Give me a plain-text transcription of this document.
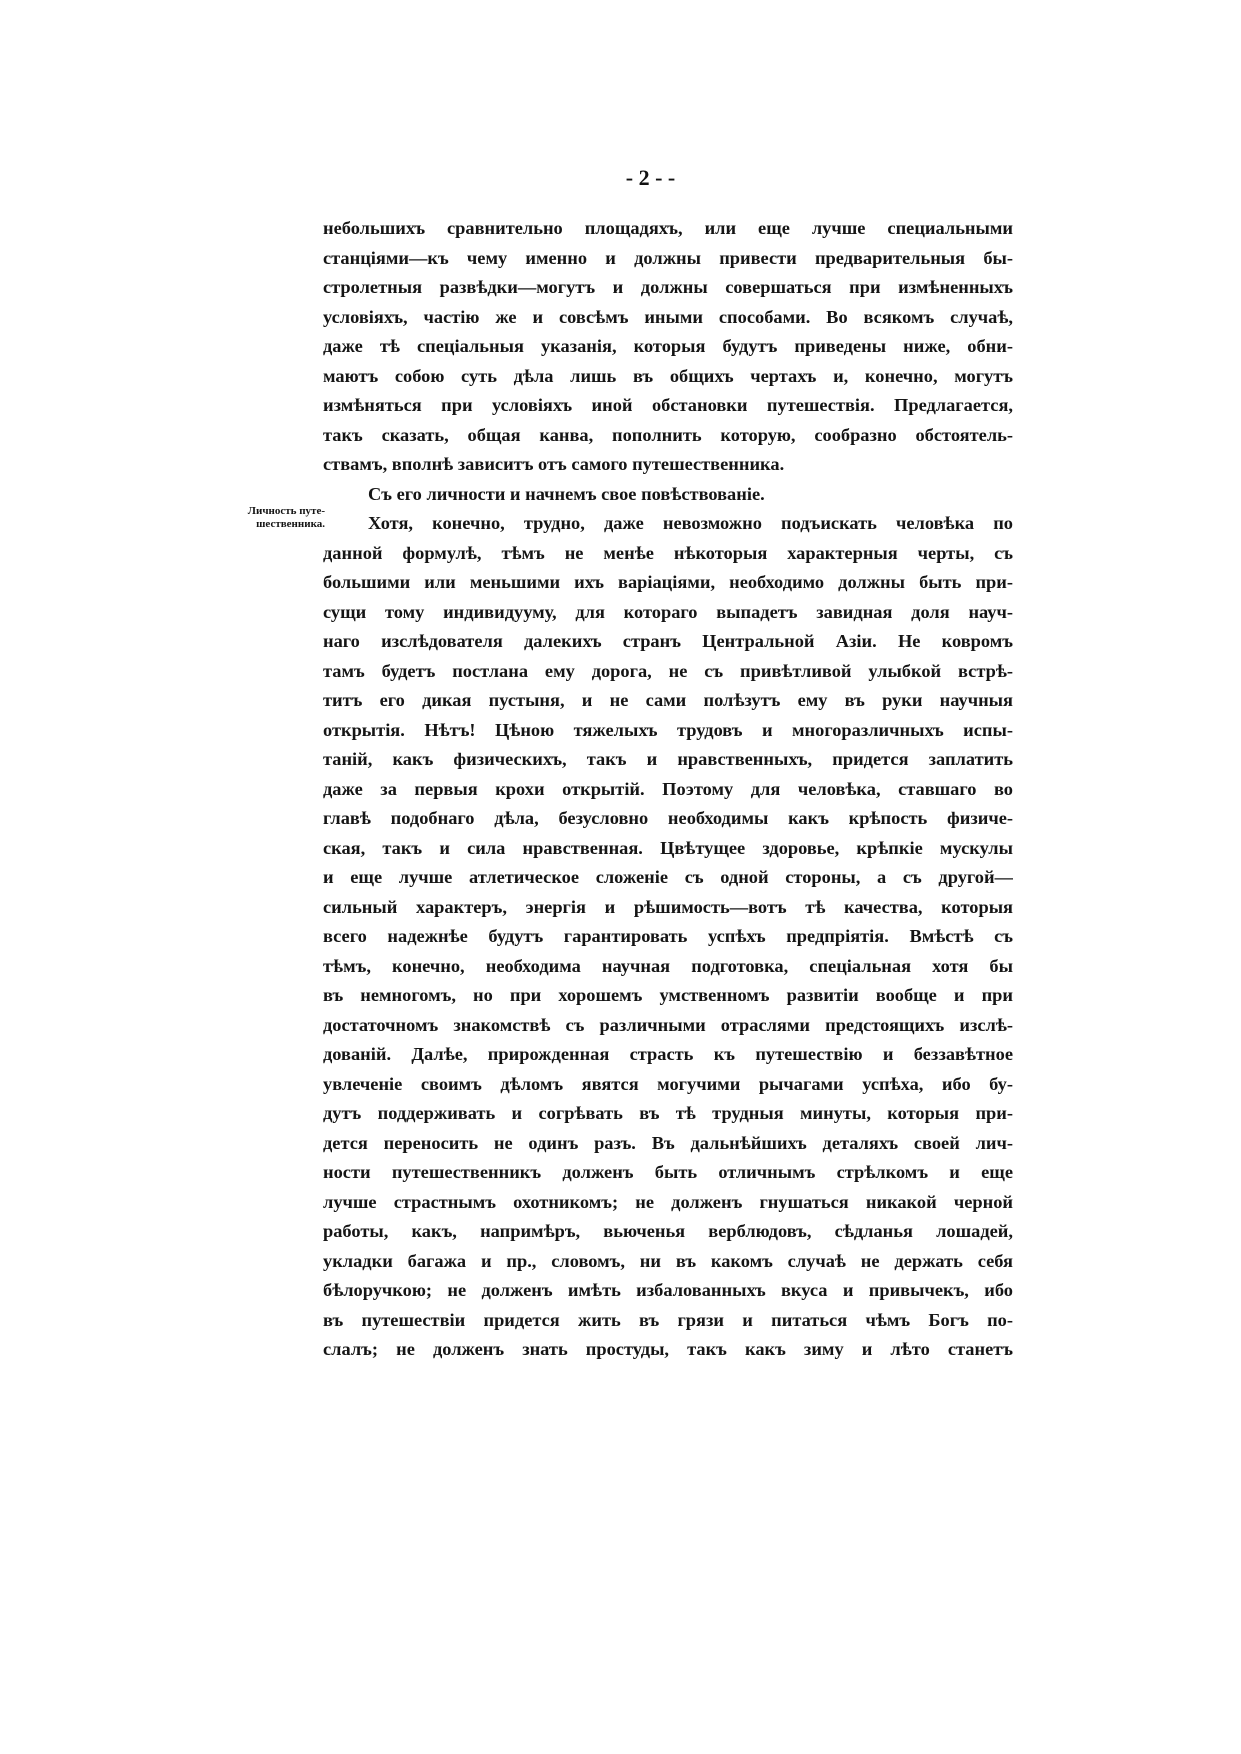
- 2 - -
Личность путе-
шественника.
небольшихъ сравнительно площадяхъ, или еще лучше специальными
станціями—къ чему именно и должны привести предварительныя бы-
стролетныя развѣдки—могутъ и должны совершаться при измѣненныхъ
условіяхъ, частію же и совсѣмъ иными способами. Во всякомъ случаѣ,
даже тѣ спеціальныя указанія, которыя будутъ приведены ниже, обни-
маютъ собою суть дѣла лишь въ общихъ чертахъ и, конечно, могутъ
измѣняться при условіяхъ иной обстановки путешествія. Предлагается,
такъ сказать, общая канва, пополнить которую, сообразно обстоятель-
ствамъ, вполнѣ зависитъ отъ самого путешественника.
Съ его личности и начнемъ свое повѣствованіе.
Хотя, конечно, трудно, даже невозможно подъискать человѣка по
данной формулѣ, тѣмъ не менѣе нѣкоторыя характерныя черты, съ
большими или меньшими ихъ варіаціями, необходимо должны быть при-
сущи тому индивидууму, для котораго выпадетъ завидная доля науч-
наго изслѣдователя далекихъ странъ Центральной Азіи. Не ковромъ
тамъ будетъ постлана ему дорога, не съ привѣтливой улыбкой встрѣ-
титъ его дикая пустыня, и не сами полѣзутъ ему въ руки научныя
открытія. Нѣтъ! Цѣною тяжелыхъ трудовъ и многоразличныхъ испы-
таній, какъ физическихъ, такъ и нравственныхъ, придется заплатить
даже за первыя крохи открытій. Поэтому для человѣка, ставшаго во
главѣ подобнаго дѣла, безусловно необходимы какъ крѣпость физиче-
ская, такъ и сила нравственная. Цвѣтущее здоровье, крѣпкіе мускулы
и еще лучше атлетическое сложеніе съ одной стороны, а съ другой—
сильный характеръ, энергія и рѣшимость—вотъ тѣ качества, которыя
всего надежнѣе будутъ гарантировать успѣхъ предпріятія. Вмѣстѣ съ
тѣмъ, конечно, необходима научная подготовка, спеціальная хотя бы
въ немногомъ, но при хорошемъ умственномъ развитіи вообще и при
достаточномъ знакомствѣ съ различными отраслями предстоящихъ изслѣ-
дованій. Далѣе, прирожденная страсть къ путешествію и беззавѣтное
увлеченіе своимъ дѣломъ явятся могучими рычагами успѣха, ибо бу-
дутъ поддерживать и согрѣвать въ тѣ трудныя минуты, которыя при-
дется переносить не одинъ разъ. Въ дальнѣйшихъ деталяхъ своей лич-
ности путешественникъ долженъ быть отличнымъ стрѣлкомъ и еще
лучше страстнымъ охотникомъ; не долженъ гнушаться никакой черной
работы, какъ, напримѣръ, вьюченья верблюдовъ, сѣдланья лошадей,
укладки багажа и пр., словомъ, ни въ какомъ случаѣ не держать себя
бѣлоручкою; не долженъ имѣть избалованныхъ вкуса и привычекъ, ибо
въ путешествіи придется жить въ грязи и питаться чѣмъ Богъ по-
слалъ; не долженъ знать простуды, такъ какъ зиму и лѣто станетъ
